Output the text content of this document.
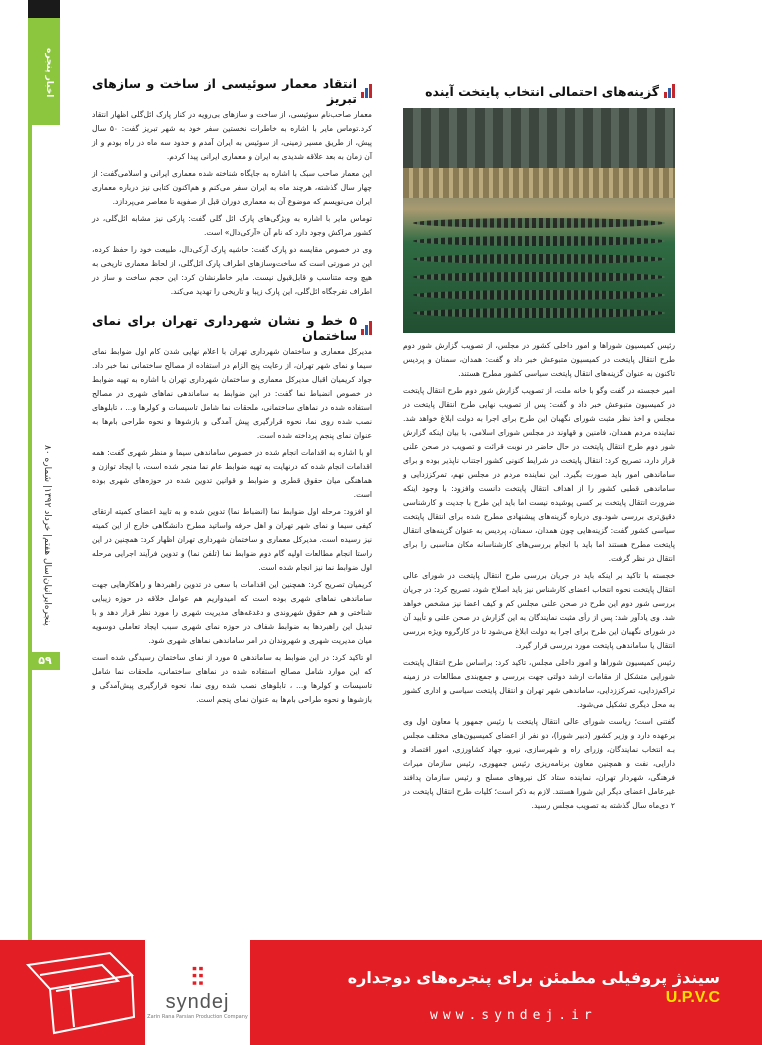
اخبار پنجره
پنجره‌ایرانیان|سال هفتم| خرداد ۱۳۹۲| شماره ۸۰
۵۹
گزینه‌های احتمالی انتخاب پایتخت آینده

رئیس کمیسیون شوراها و امور داخلی کشور در مجلس، از تصویب گزارش شور دوم طرح انتقال پایتخت در کمیسیون متبوعش خبر داد و گفت: همدان، سمنان و پردیس تاکنون به عنوان گزینه‌های انتقال پایتخت سیاسی کشور مطرح هستند.

امیر خجسته در گفت وگو با خانه ملت، از تصویب گزارش شور دوم طرح انتقال پایتخت در کمیسیون متبوعش خبر داد و گفت: پس از تصویب نهایی طرح انتقال پایتخت در مجلس و اخذ نظر مثبت شورای نگهبان این طرح برای اجرا به دولت ابلاغ خواهد شد. نماینده مردم همدان، فامنین و قهاوند در مجلس شورای اسلامی، با بیان اینکه گزارش شور دوم طرح انتقال پایتخت در حال حاضر در نوبت قرائت و تصویب در صحن علنی قرار دارد، تصریح کرد: انتقال پایتخت در شرایط کنونی کشور اجتناب ناپذیر بوده و برای ساماندهی امور باید صورت بگیرد. این نماینده مردم در مجلس نهم، تمرکززدایی و ساماندهی قطبی کشور را از اهداف انتقال پایتخت دانست وافزود: با وجود اینکه ضرورت انتقال پایتخت بر کسی پوشیده نیست اما باید این طرح با جدیت و کارشناسی دقیق‌تری بررسی شود.وی درباره گزینه‌های پیشنهادی مطرح شده برای انتقال پایتخت سیاسی کشور گفت: گزینه‌هایی چون همدان، سمنان، پردیس به عنوان گزینه‌های انتقال پایتخت مطرح هستند اما باید با انجام بررسی‌های کارشناسانه مکان مناسبی را برای انتقال در نظر گرفت.

خجسته با تاکید بر اینکه باید در جریان بررسی طرح انتقال پایتخت در شورای عالی انتقال پایتخت نحوه انتخاب اعضای کارشناس نیز باید اصلاح شود، تصریح کرد: در جریان بررسی شور دوم این طرح در صحن علنی مجلس کم و کیف اعضا نیز مشخص خواهد شد. وی یادآور شد: پس از رأی مثبت نمایندگان به این گزارش در صحن علنی و تأیید آن در شورای نگهبان این طرح برای اجرا به دولت ابلاغ می‌شود تا در کارگروه ویژه بررسی انتقال یا ساماندهی پایتخت مورد بررسی قرار گیرد.

رئیس کمیسیون شوراها و امور داخلی مجلس، تاکید کرد: براساس طرح انتقال پایتخت شورایی متشکل از مقامات ارشد دولتی جهت بررسی و جمع‌بندی مطالعات در زمینه تراکم‌زدایی، تمرکززدایی، ساماندهی شهر تهران و انتقال پایتخت سیاسی و اداری کشور به محل دیگری تشکیل می‌شود.

گفتنی است؛ ریاست شورای عالی انتقال پایتخت با رئیس جمهور یا معاون اول وی برعهده دارد و وزیر کشور (دبیر شورا)، دو نفر از اعضای کمیسیون‌های مختلف مجلس بـه انتخاب نمایندگان، وزرای راه و شهرسازی، نیرو، جهاد کشاورزی، امور اقتصاد و دارایی، نفت و همچنین معاون برنامه‌ریزی رئیس جمهوری، رئیس سازمان میراث فرهنگی، شهردار تهران، نماینده ستاد کل نیروهای مسلح و رئیس سازمان پدافند غیرعامل اعضای دیگر این شورا هستند. لازم به ذکر است؛ کلیات طرح انتقال پایتخت در ۲ دی‌ماه سال گذشته به تصویب مجلس رسید.

انتقاد معمار سوئیسی از ساخت و سازهای تبریز

معمار صاحب‌نام سوئیسی، از ساخت و سازهای بی‌رویه در کنار پارک ائل‌گلی اظهار انتقاد کرد.توماس مایر با اشاره به خاطرات نخستین سفر خود به شهر تبریز گفت: ۵۰ سال پیش، از طریق مسیر زمینی، از سوئیس به ایران آمدم و حدود سه ماه در راه بودم و از آن زمان به بعد علاقه شدیدی به ایران و معماری ایرانی پیدا کردم.

این معمار صاحب سبک با اشاره به جایگاه شناخته شده معماری ایرانی و اسلامی‌گفت: از چهار سال گذشته، هرچند ماه به ایران سفر می‌کنم و هم‌اکنون کتابی نیز درباره معماری ایران می‌نویسم که موضوع آن به معماری دوران قبل از صفویه تا معاصر می‌پردازد.

توماس مایر با اشاره به ویژگی‌های پارک ائل گلی گفت: پارکی نیز مشابه ائل‌گلی، در کشور مراکش وجود دارد که نام آن «آرکی‌دال» است.

وی در خصوص مقایسه دو پارک گفت: حاشیه پارک آرکی‌دال، طبیعت خود را حفظ کرده، این در صورتی است که ساخت‌وسازهای اطراف پارک ائل‌گلی، از لحاظ معماری تاریخی به هیچ وجه متناسب و قابل‌قبول نیست. مایر خاطرنشان کرد: این حجم ساخت و ساز در اطراف تفرجگاه ائل‌گلی، این پارک زیبا و تاریخی را تهدید می‌کند.

۵ خط و نشان شهرداری تهران برای نمای ساختمان

مدیرکل معماری و ساختمان شهرداری تهران با اعلام نهایی شدن کام اول ضوابط نمای سیما و نمای شهر تهران، از رعایت پنج الزام در استفاده از مصالح ساختمانی نما خبر داد. جواد کریمیان اقبال مدیرکل معماری و ساختمان شهرداری تهران با اشاره به تهیه ضوابط در خصوص انضباط نما گفت: در این ضوابط به ساماندهی نماهای شهری در مصالح استفاده شده در نماهای ساختمانی، ملحقات نما شامل تاسیسات و کولرها و... ، تابلوهای نصب شده روی نما، نحوه قرارگیری پیش آمدگی و بازشوها و نحوه طراحی بام‌ها به عنوان نمای پنجم پرداخته شده است.

او با اشاره به اقدامات انجام شده در خصوص ساماندهی سیما و منظر شهری گفت: همه اقدامات انجام شده که درنهایت به تهیه ضوابط عام نما منجر شده است، با ایجاد توازن و هماهنگی میان حقوق قطری و ضوابط و قوانین تدوین شده در حوزه‌های شهری بوده است.

او افزود: مرحله اول ضوابط نما (انضباط نما) تدوین شده و به تایید اعضای کمیته ارتقای کیفی سیما و نمای شهر تهران و اهل حرفه واساتید مطرح دانشگاهی خارج از این کمیته نیز رسیده است. مدیرکل معماری و ساختمان شهرداری تهران اظهار کرد: همچنین در این راستا انجام مطالعات اولیه گام دوم ضوابط نما (تلفن نما) و تدوین فرآیند اجرایی مرحله اول ضوابط نما نیز انجام شده است.

کریمیان تصریح کرد: همچنین این اقدامات با سعی در تدوین راهبردها و راهکارهایی جهت ساماندهی نماهای شهری بوده است که امیدواریم هم عوامل خلاقه در حوزه زیبایی شناختی و هم حقوق شهروندی و دغدغه‌های مدیریت شهری را مورد نظر قرار دهد و با تبدیل این راهبردها به ضوابط شفاف در حوزه نمای شهری سبب ایجاد تعاملی دوسویه میان مدیریت شهری و شهروندان در امر ساماندهی نماهای شهری شود.

او تاکید کرد: در این ضوابط به ساماندهی ۵ مورد از نمای ساختمان رسیدگی شده است که این موارد شامل مصالح استفاده شده در نماهای ساختمانی، ملحقات نما شامل تاسیسات و کولرها و... ، تابلوهای نصب شده روی نما، نحوه قرارگیری پیش‌آمدگی و بازشوها و نحوه طراحی بام‌ها به عنوان نمای پنجم است.

⫶⫶
syndej
Zarin Rana Parsian Production Company
سیندژ پروفیلی مطمئن برای پنجره‌های دوجداره U.P.V.C
www.syndej.ir
